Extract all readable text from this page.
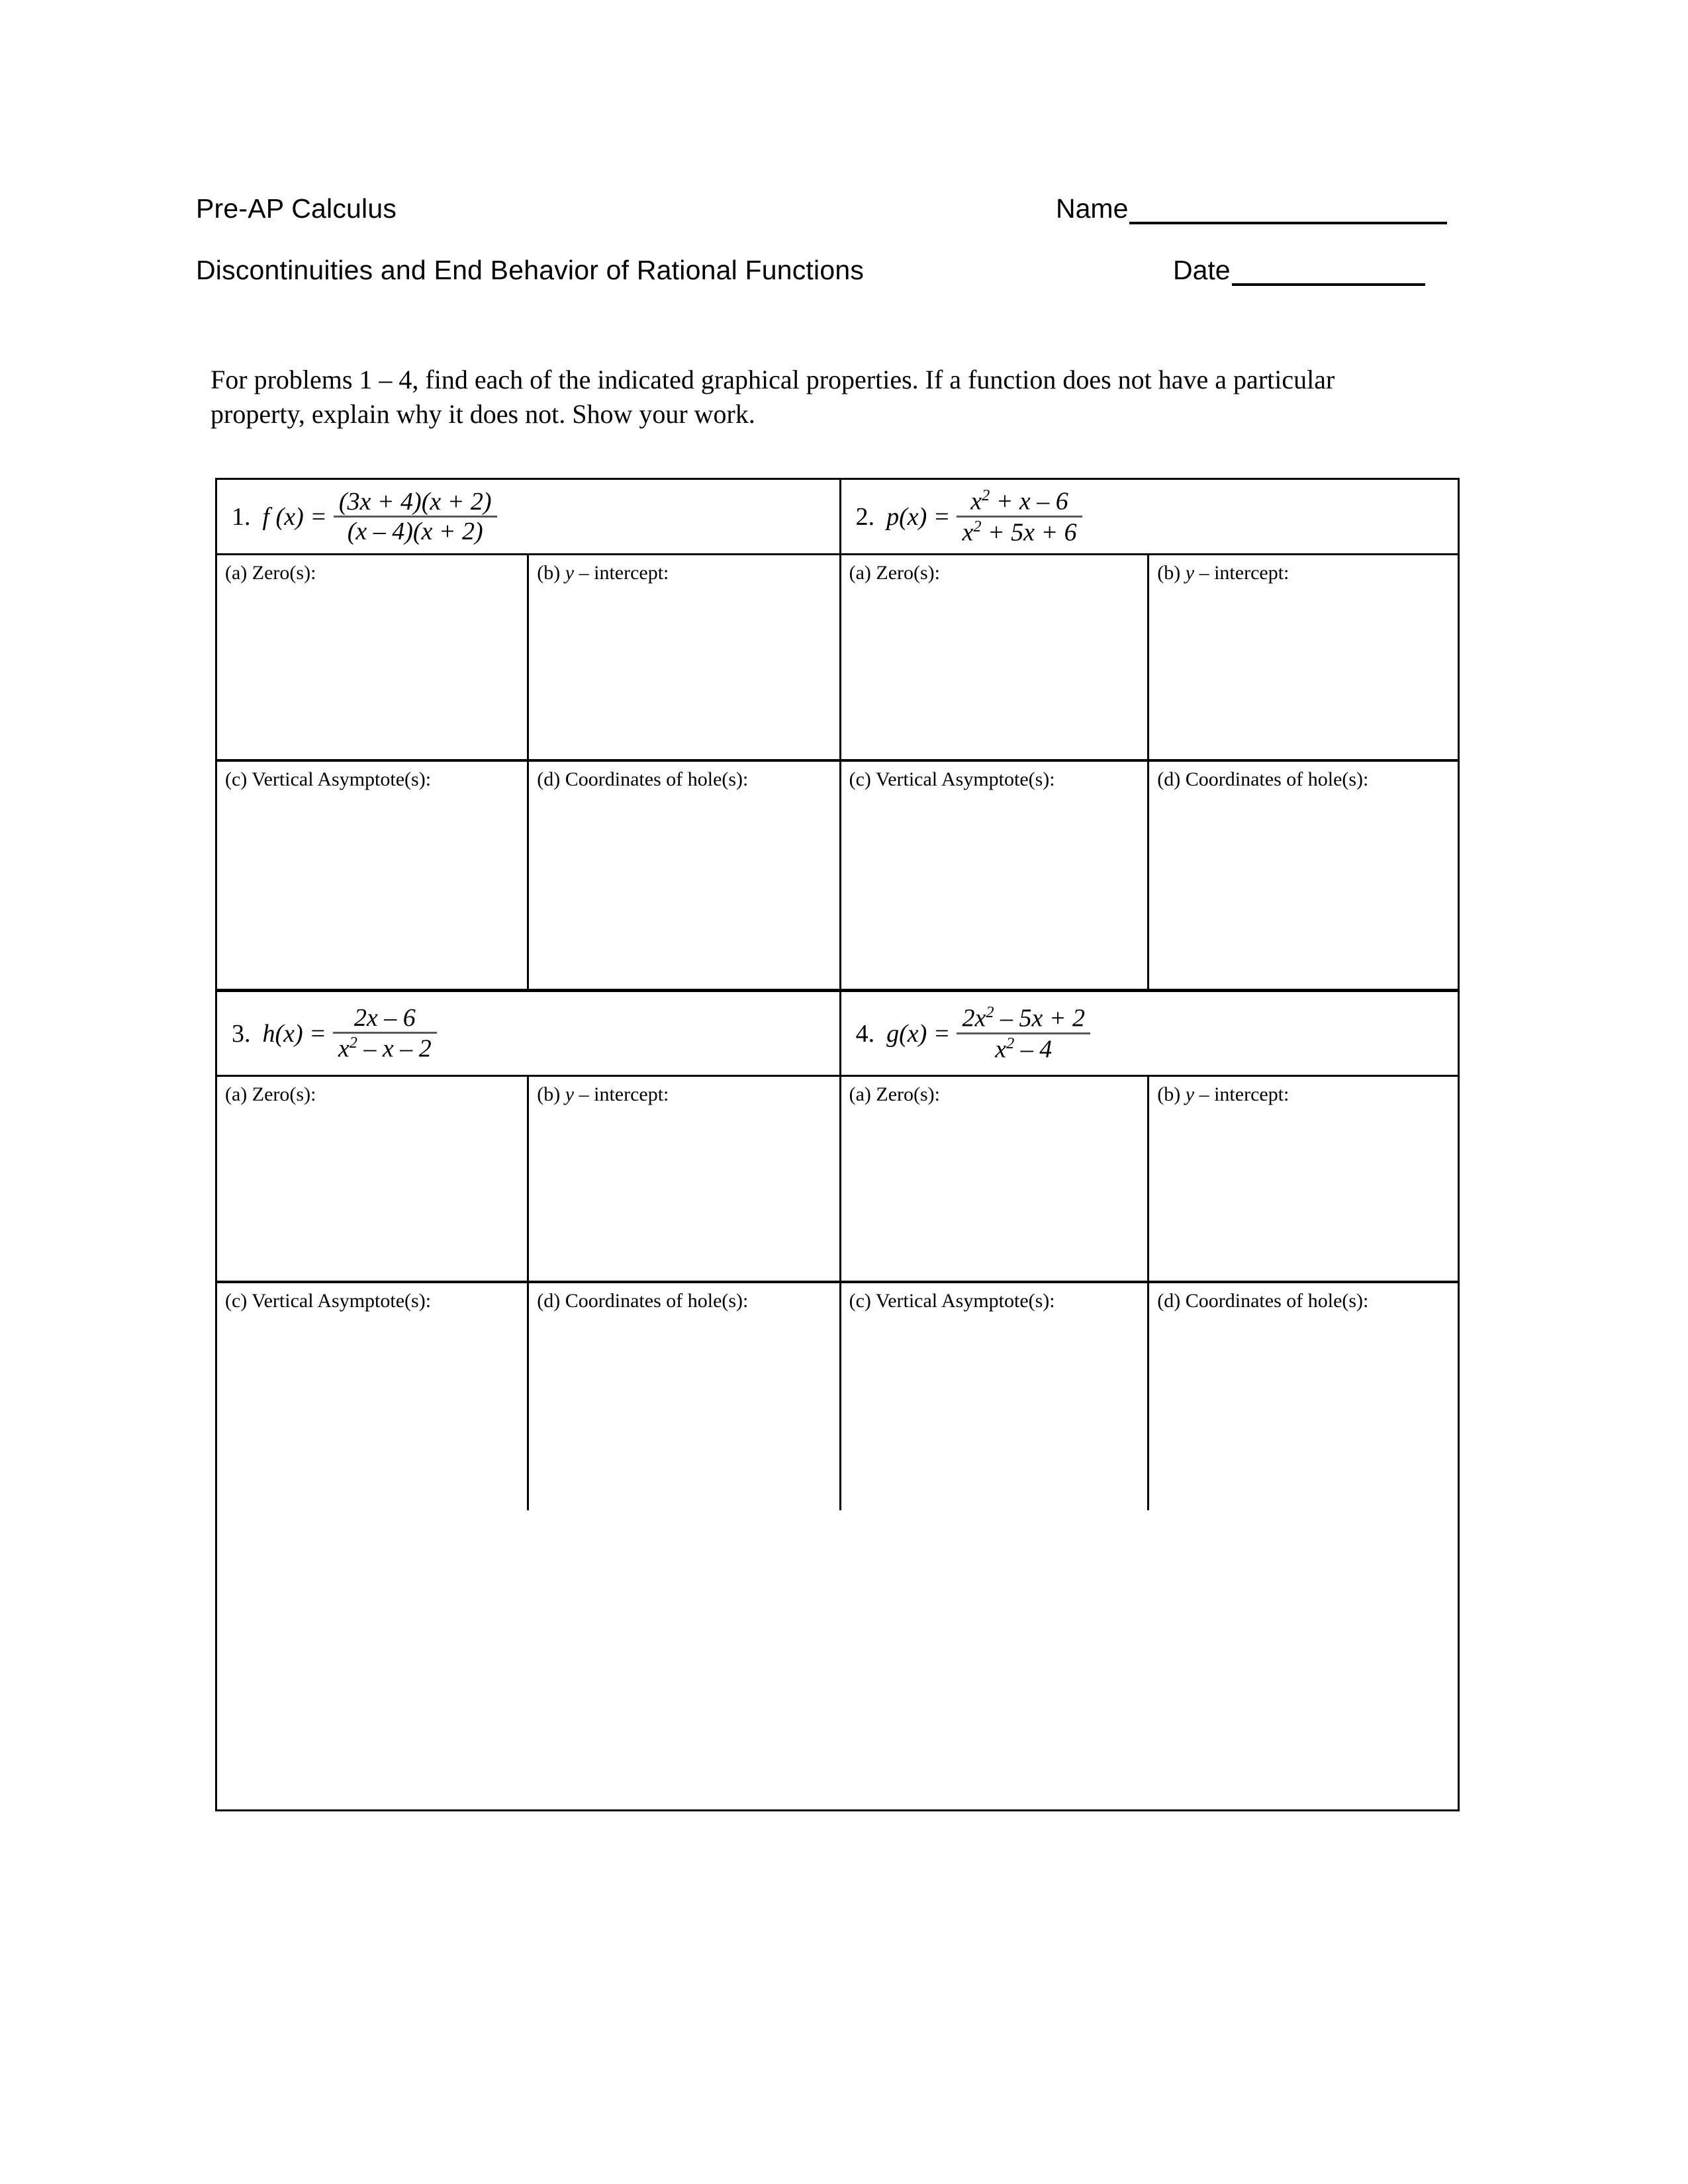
Pre-AP Calculus
Discontinuities and End Behavior of Rational Functions
Name
Date
For problems 1 – 4, find each of the indicated graphical properties. If a function does not have a particular property, explain why it does not. Show your work.
1. f $(x) = \frac{(3x + 4)(x + 2)}{(x - 4)(x + 2)}$	2. $p(x) = \frac{x^2 + x - 6}{x^2 + 5x + 6}$
(a) Zero(s):	(b) y – intercept:	(a) Zero(s):	(b) y – intercept:
(c) Vertical Asymptote(s):	(d) Coordinates of hole(s):	(c) Vertical Asymptote(s):	(d) Coordinates of hole(s):
3. $h(x) = \frac{2x - 6}{x^2 - x - 2}$	4. $g(x) = \frac{2x^2 - 5x + 2}{x^2 - 4}$
(a) Zero(s):	(b) y – intercept:	(a) Zero(s):	(b) y – intercept:
(c) Vertical Asymptote(s):	(d) Coordinates of hole(s):	(c) Vertical Asymptote(s):	(d) Coordinates of hole(s):
